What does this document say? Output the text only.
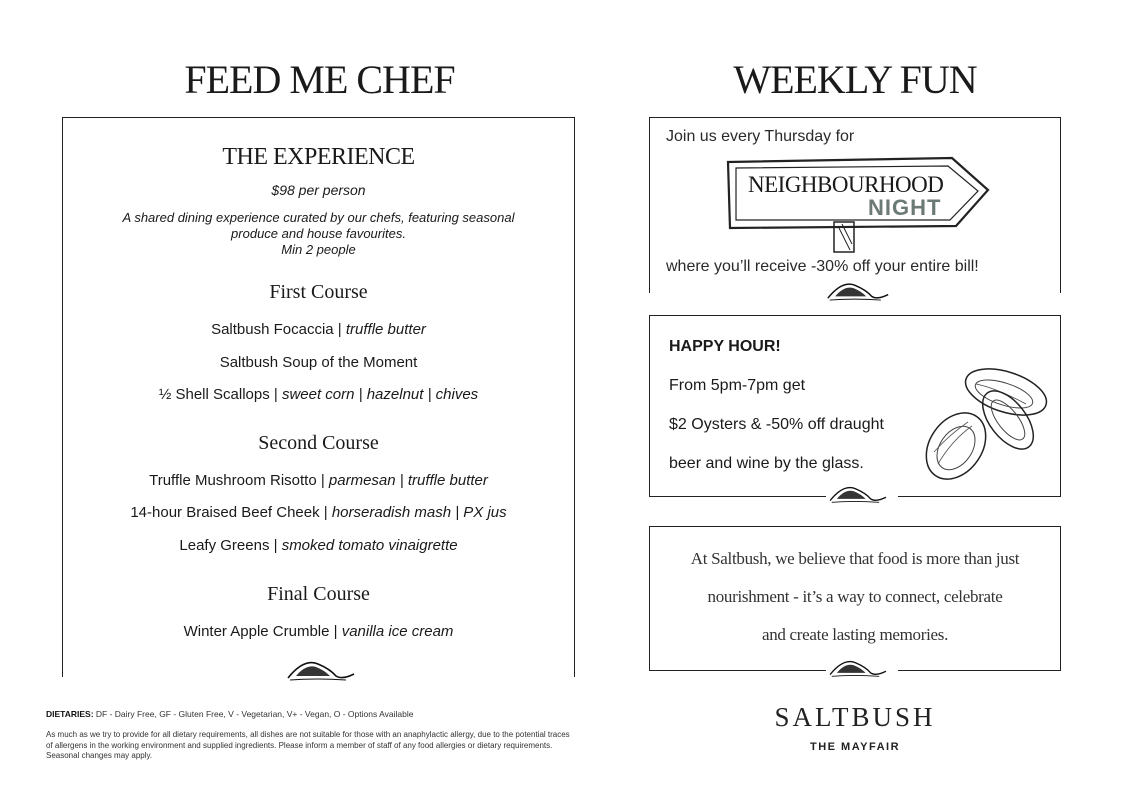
FEED ME CHEF	WEEKLY FUN
THE EXPERIENCE
$98 per person
A shared dining experience curated by our chefs, featuring seasonal
produce and house favourites.
Min 2 people
First Course
Saltbush Focaccia | truffle butter
Saltbush Soup of the Moment
½ Shell Scallops | sweet corn | hazelnut | chives
Second Course
Truffle Mushroom Risotto | parmesan | truffle butter
14-hour Braised Beef Cheek | horseradish mash | PX jus
Leafy Greens | smoked tomato vinaigrette
Final Course
Winter Apple Crumble | vanilla ice cream
DIETARIES: DF - Dairy Free, GF - Gluten Free, V - Vegetarian, V+ - Vegan, O - Options Available
As much as we try to provide for all dietary requirements, all dishes are not suitable for those with an anaphylactic allergy, due to the potential traces of allergens in the working environment and supplied ingredients. Please inform a member of staff of any food allergies or dietary requirements. Seasonal changes may apply.
Join us every Thursday for
NEIGHBOURHOOD
NIGHT
where you’ll receive -30% off your entire bill!
HAPPY HOUR!
From 5pm-7pm get
$2 Oysters & -50% off draught
beer and wine by the glass.
At Saltbush, we believe that food is more than just
nourishment - it’s a way to connect, celebrate
and create lasting memories.
SALTBUSH
THE MAYFAIR
